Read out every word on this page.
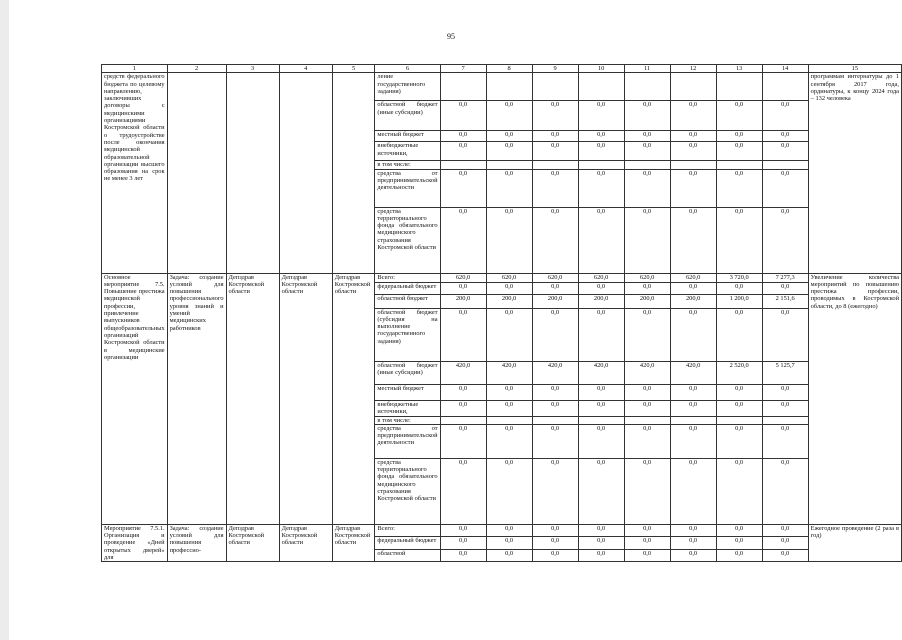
95
1	2	3	4	5	6	7	8	9	10	11	12	13	14	15
средств федерального бюджета по целевому направлению, заключивших договоры с медицинскими организациями Костромской области о трудоустройстве после окончания медицинской образовательной организации высшего образования на срок не менее 3 лет					ление государственного задания)									программам интернатуры до 1 сентября 2017 года, ординатуры, к концу 2024 года – 132 человека
					областной бюджет (иные субсидии)	0,0	0,0	0,0	0,0	0,0	0,0	0,0	0,0	
					местный бюджет	0,0	0,0	0,0	0,0	0,0	0,0	0,0	0,0	
					внебюджетные источники,	0,0	0,0	0,0	0,0	0,0	0,0	0,0	0,0	
					в том числе:									
					средства от предпринимательской деятельности	0,0	0,0	0,0	0,0	0,0	0,0	0,0	0,0	
					средства территориального фонда обязательного медицинского страхования Костромской области	0,0	0,0	0,0	0,0	0,0	0,0	0,0	0,0	
Основное мероприятие 7.5. Повышение престижа медицинской профессии, привлечение выпускников общеобразовательных организаций Костромской области в медицинские организации	Задача: создание условий для повышения профессионального уровня знаний и умений медицинских работников	Депздрав Костромской области	Депздрав Костромской области	Депздрав Костромской области	Всего:	620,0	620,0	620,0	620,0	620,0	620,0	3 720,0	7 277,3	Увеличение количества мероприятий по повышению престижа профессии, проводимых в Костромской области, до 8 (ежегодно)
					федеральный бюджет	0,0	0,0	0,0	0,0	0,0	0,0	0,0	0,0	
					областной бюджет	200,0	200,0	200,0	200,0	200,0	200,0	1 200,0	2 151,6	
					областной бюджет (субсидия на выполнение государственного задания)	0,0	0,0	0,0	0,0	0,0	0,0	0,0	0,0	
					областной бюджет (иные субсидии)	420,0	420,0	420,0	420,0	420,0	420,0	2 520,0	5 125,7	
					местный бюджет	0,0	0,0	0,0	0,0	0,0	0,0	0,0	0,0	
					внебюджетные источники,	0,0	0,0	0,0	0,0	0,0	0,0	0,0	0,0	
					в том числе:									
					средства от предпринимательской деятельности	0,0	0,0	0,0	0,0	0,0	0,0	0,0	0,0	
					средства территориального фонда обязательного медицинского страхования Костромской области	0,0	0,0	0,0	0,0	0,0	0,0	0,0	0,0	
Мероприятие 7.5.1. Организация и проведение «Дней открытых дверей» для	Задача: создание условий для повышения профессио-	Депздрав Костромской области	Депздрав Костромской области	Депздрав Костромской области	Всего:	0,0	0,0	0,0	0,0	0,0	0,0	0,0	0,0	Ежегодное проведение (2 раза в год)
					федеральный бюджет	0,0	0,0	0,0	0,0	0,0	0,0	0,0	0,0	
					областной	0,0	0,0	0,0	0,0	0,0	0,0	0,0	0,0	
